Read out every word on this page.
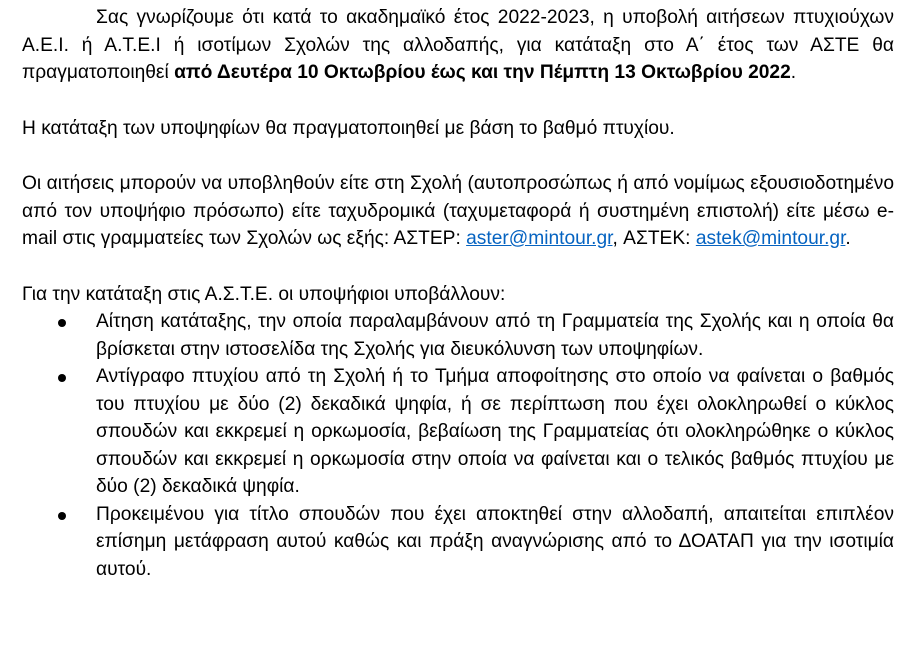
Σας γνωρίζουμε ότι κατά το ακαδημαϊκό έτος 2022-2023, η υποβολή αιτήσεων πτυχιούχων Α.Ε.Ι. ή Α.Τ.Ε.Ι ή ισοτίμων Σχολών της αλλοδαπής, για κατάταξη στο Α΄ έτος των ΑΣΤΕ θα πραγματοποιηθεί από Δευτέρα 10 Οκτωβρίου έως και την Πέμπτη 13 Οκτωβρίου 2022.

Η κατάταξη των υποψηφίων θα πραγματοποιηθεί με βάση το βαθμό πτυχίου.

Οι αιτήσεις μπορούν να υποβληθούν είτε στη Σχολή (αυτοπροσώπως ή από νομίμως εξουσιοδοτημένο από τον υποψήφιο πρόσωπο) είτε ταχυδρομικά (ταχυμεταφορά ή συστημένη επιστολή) είτε μέσω e-mail στις γραμματείες των Σχολών ως εξής: ΑΣΤΕΡ: aster@mintour.gr, ΑΣΤΕΚ: astek@mintour.gr.

Για την κατάταξη στις Α.Σ.Τ.Ε. οι υποψήφιοι υποβάλλουν:

Αίτηση κατάταξης, την οποία παραλαμβάνουν από τη Γραμματεία της Σχολής και η οποία θα βρίσκεται στην ιστοσελίδα της Σχολής για διευκόλυνση των υποψηφίων.
Αντίγραφο πτυχίου από τη Σχολή ή το Τμήμα αποφοίτησης στο οποίο να φαίνεται ο βαθμός του πτυχίου με δύο (2) δεκαδικά ψηφία, ή σε περίπτωση που έχει ολοκληρωθεί ο κύκλος σπουδών και εκκρεμεί η ορκωμοσία, βεβαίωση της Γραμματείας ότι ολοκληρώθηκε ο κύκλος σπουδών και εκκρεμεί η ορκωμοσία στην οποία να φαίνεται και ο τελικός βαθμός πτυχίου με δύο (2) δεκαδικά ψηφία.
Προκειμένου για τίτλο σπουδών που έχει αποκτηθεί στην αλλοδαπή, απαιτείται επιπλέον επίσημη μετάφραση αυτού καθώς και πράξη αναγνώρισης από το ΔΟΑΤΑΠ για την ισοτιμία αυτού.
